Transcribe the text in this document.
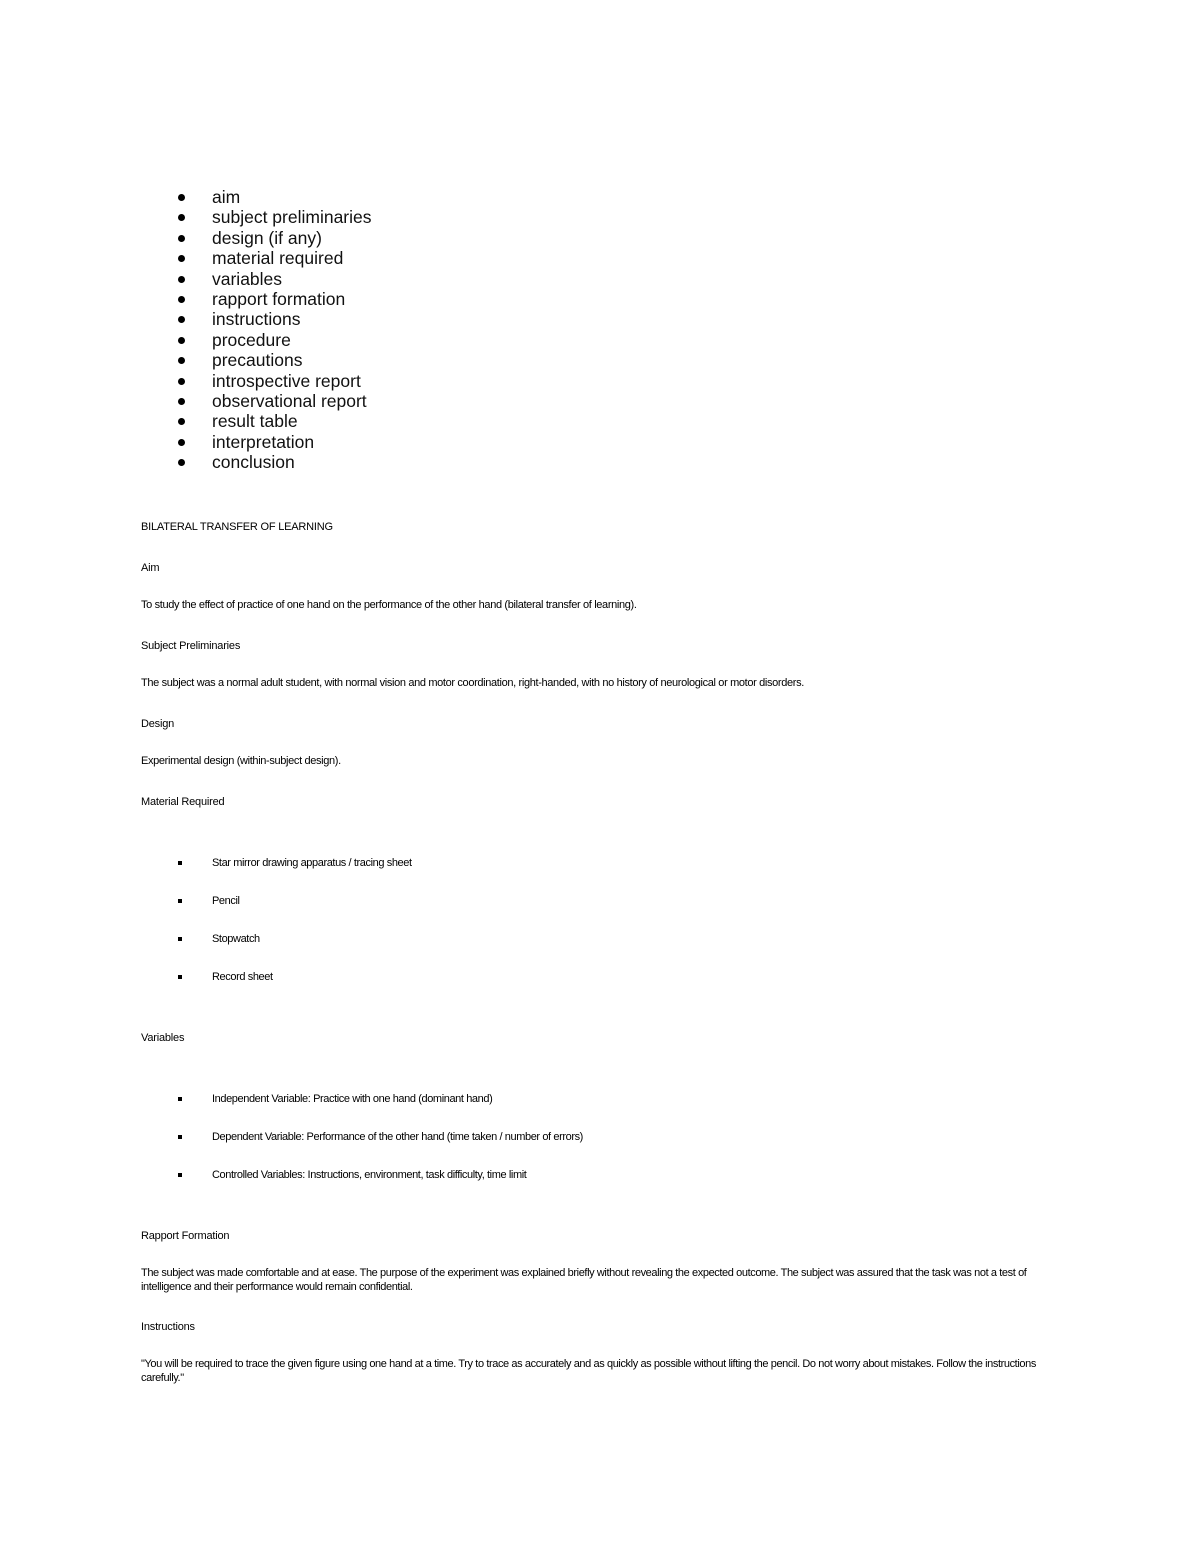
aim
subject preliminaries
design (if any)
material required
variables
rapport formation
instructions
procedure
precautions
introspective report
observational report
result table
interpretation
conclusion
BILATERAL TRANSFER OF LEARNING
Aim
To study the effect of practice of one hand on the performance of the other hand (bilateral transfer of learning).
Subject Preliminaries
The subject was a normal adult student, with normal vision and motor coordination, right-handed, with no history of neurological or motor disorders.
Design
Experimental design (within-subject design).
Material Required
Star mirror drawing apparatus / tracing sheet
Pencil
Stopwatch
Record sheet
Variables
Independent Variable: Practice with one hand (dominant hand)
Dependent Variable: Performance of the other hand (time taken / number of errors)
Controlled Variables: Instructions, environment, task difficulty, time limit
Rapport Formation
The subject was made comfortable and at ease. The purpose of the experiment was explained briefly without revealing the expected outcome. The subject was assured that the task was not a test of intelligence and their performance would remain confidential.
Instructions
"You will be required to trace the given figure using one hand at a time. Try to trace as accurately and as quickly as possible without lifting the pencil. Do not worry about mistakes. Follow the instructions carefully."
